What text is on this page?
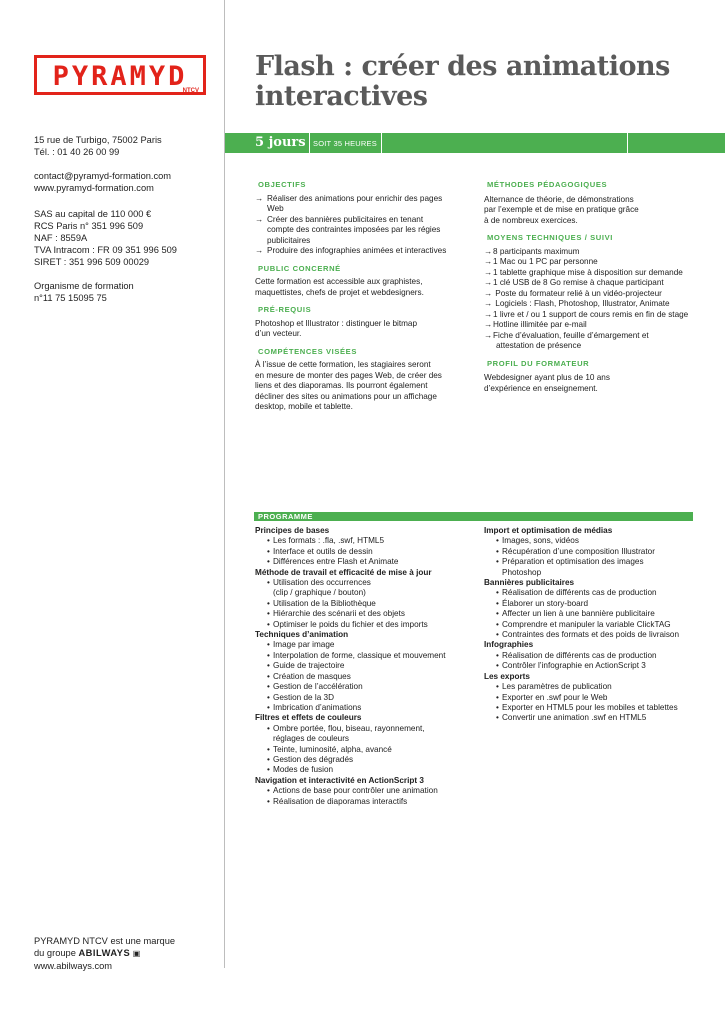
PYRAMYD
NTCV
15 rue de Turbigo, 75002 Paris
Tél. : 01 40 26 00 99
contact@pyramyd-formation.com
www.pyramyd-formation.com
SAS au capital de 110 000 €
RCS Paris n° 351 996 509
NAF : 8559A
TVA Intracom : FR 09 351 996 509
SIRET : 351 996 509 00029
Organisme de formation
n°11 75 15095 75
PYRAMYD NTCV est une marque
du groupe ABILWAYS ▣
www.abilways.com
Flash : créer des animations
interactives
5 jours SOIT 35 HEURES
OBJECTIFS
→ Réaliser des animations pour enrichir des pages
Web
→ Créer des bannières publicitaires en tenant
compte des contraintes imposées par les régies
publicitaires
→ Produire des infographies animées et interactives
PUBLIC CONCERNÉ
Cette formation est accessible aux graphistes,
maquettistes, chefs de projet et webdesigners.
PRÉ-REQUIS
Photoshop et Illustrator : distinguer le bitmap
d’un vecteur.
COMPÉTENCES VISÉES
À l’issue de cette formation, les stagiaires seront
en mesure de monter des pages Web, de créer des
liens et des diaporamas. Ils pourront également
décliner des sites ou animations pour un affichage
desktop, mobile et tablette.
MÉTHODES PÉDAGOGIQUES
Alternance de théorie, de démonstrations
par l’exemple et de mise en pratique grâce
à de nombreux exercices.
MOYENS TECHNIQUES / SUIVI
→ 8 participants maximum
→ 1 Mac ou 1 PC par personne
→ 1 tablette graphique mise à disposition sur demande
→ 1 clé USB de 8 Go remise à chaque participant
→ Poste du formateur relié à un vidéo-projecteur
→ Logiciels : Flash, Photoshop, Illustrator, Animate
→ 1 livre et / ou 1 support de cours remis en fin de stage
→ Hotline illimitée par e-mail
→ Fiche d’évaluation, feuille d’émargement et
attestation de présence
PROFIL DU FORMATEUR
Webdesigner ayant plus de 10 ans
d’expérience en enseignement.
PROGRAMME
Principes de bases
• Les formats : .fla, .swf, HTML5
• Interface et outils de dessin
• Différences entre Flash et Animate
Méthode de travail et efficacité de mise à jour
• Utilisation des occurrences
(clip / graphique / bouton)
• Utilisation de la Bibliothèque
• Hiérarchie des scénarii et des objets
• Optimiser le poids du fichier et des imports
Techniques d’animation
• Image par image
• Interpolation de forme, classique et mouvement
• Guide de trajectoire
• Création de masques
• Gestion de l’accélération
• Gestion de la 3D
• Imbrication d’animations
Filtres et effets de couleurs
• Ombre portée, flou, biseau, rayonnement,
réglages de couleurs
• Teinte, luminosité, alpha, avancé
• Gestion des dégradés
• Modes de fusion
Navigation et interactivité en ActionScript 3
• Actions de base pour contrôler une animation
• Réalisation de diaporamas interactifs
Import et optimisation de médias
• Images, sons, vidéos
• Récupération d’une composition Illustrator
• Préparation et optimisation des images
Photoshop
Bannières publicitaires
• Réalisation de différents cas de production
• Élaborer un story-board
• Affecter un lien à une bannière publicitaire
• Comprendre et manipuler la variable ClickTAG
• Contraintes des formats et des poids de livraison
Infographies
• Réalisation de différents cas de production
• Contrôler l’infographie en ActionScript 3
Les exports
• Les paramètres de publication
• Exporter en .swf pour le Web
• Exporter en HTML5 pour les mobiles et tablettes
• Convertir une animation .swf en HTML5
